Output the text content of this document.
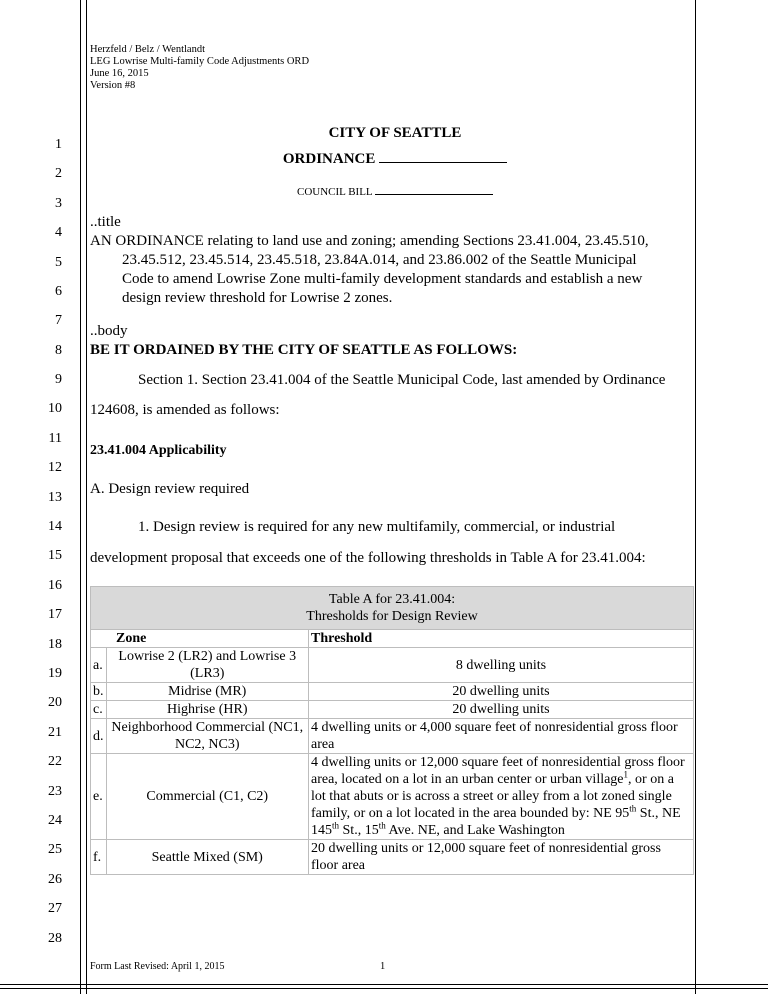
Herzfeld / Belz / Wentlandt
LEG Lowrise Multi-family Code Adjustments ORD
June 16, 2015
Version #8
1
2
3
4
5
6
7
8
9
10
11
12
13
14
15
16
17
18
19
20
21
22
23
24
25
26
27
28
CITY OF SEATTLE
ORDINANCE
COUNCIL BILL
..title
AN ORDINANCE relating to land use and zoning; amending Sections 23.41.004, 23.45.510,
23.45.512, 23.45.514, 23.45.518, 23.84A.014, and 23.86.002 of the Seattle Municipal
Code to amend Lowrise Zone multi-family development standards and establish a new
design review threshold for Lowrise 2 zones.
..body
BE IT ORDAINED BY THE CITY OF SEATTLE AS FOLLOWS:
Section 1. Section 23.41.004 of the Seattle Municipal Code, last amended by Ordinance
124608, is amended as follows:
23.41.004 Applicability
A. Design review required
1. Design review is required for any new multifamily, commercial, or industrial
development proposal that exceeds one of the following thresholds in Table A for 23.41.004:
Table A for 23.41.004:
Thresholds for Design Review		

	Zone	Threshold
a.	Lowrise 2 (LR2) and Lowrise 3 (LR3)	8 dwelling units
b.	Midrise (MR)	20 dwelling units
c.	Highrise (HR)	20 dwelling units
d.	Neighborhood Commercial (NC1, NC2, NC3)	4 dwelling units or 4,000 square feet of nonresidential gross floor area
e.	Commercial (C1, C2)	4 dwelling units or 12,000 square feet of nonresidential gross floor area, located on a lot in an urban center or urban village$^1$, or on a lot that abuts or is across a street or alley from a lot zoned single family, or on a lot located in the area bounded by: NE 95th St., NE 145th St., 15th Ave. NE, and Lake Washington
f.	Seattle Mixed (SM)	20 dwelling units or 12,000 square feet of nonresidential gross floor area
Form Last Revised: April 1, 2015	1
